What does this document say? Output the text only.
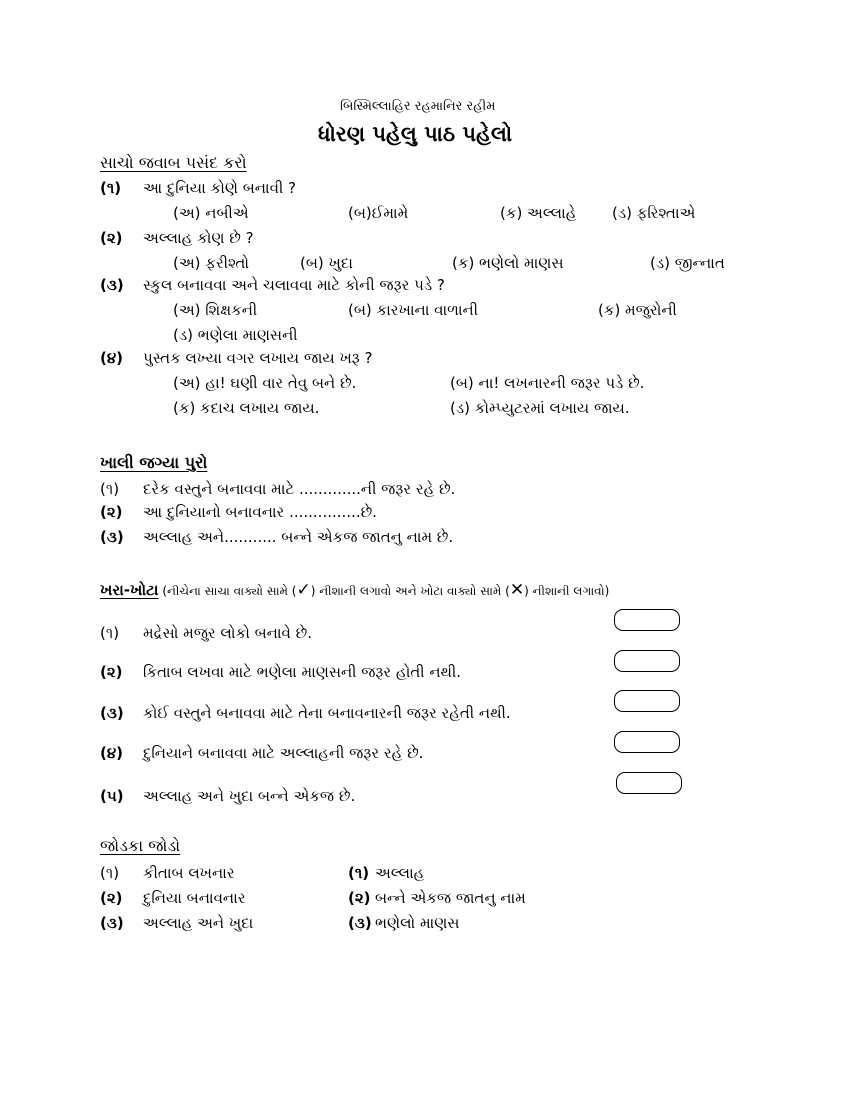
બિસ્મિલ્લાહિર રહમાનિર રહીમ
ધોરણ પહેલુ પાઠ પહેલો
સાચો જવાબ પસંદ કરો
(૧) આ દુનિયા કોણે બનાવી ?
(અ) નબીએ	(બ)ઈમામે	(ક) અલ્લાહે (ડ) ફરિશ્તાએ
(૨) અલ્લાહ કોણ છે ?
(અ) ફરીશ્તો	(બ) ખુદા	(ક) ભણેલો માણસ	(ડ) જીન્નાત
(૩) સ્કુલ બનાવવા અને ચલાવવા માટે કોની જરૂર પડે ?
(અ) શિક્ષકની	(બ) કારખાના વાળાની	(ક) મજુરોની
(ડ) ભણેલા માણસની
(૪) પુસ્તક લખ્યા વગર લખાય જાય ખરૂ ?
(અ) હા! ઘણી વાર તેવુ બને છે.	(બ) ના! લખનારની જરૂર પડે છે.
(ક) કદાચ લખાય જાય.	(ડ) કોમ્પ્યુટરમાં લખાય જાય.
ખાલી જગ્યા પુરો
(૧) દરેક વસ્તુને બનાવવા માટે .............ની જરૂર રહે છે.
(૨) આ દુનિયાનો બનાવનાર ...............છે.
(૩) અલ્લાહ અને........... બન્ને એકજ જાતનુ નામ છે.
ખરા-ખોટા (નીચેના સાચા વાક્યો સામે (✓) નીશાની લગાવો અને ખોટા વાક્યો સામે (✕) નીશાની લગાવો)
(૧) મદ્રેસો મજુર લોકો બનાવે છે.
(૨) કિતાબ લખવા માટે ભણેલા માણસની જરૂર હોતી નથી.
(૩) કોઈ વસ્તુને બનાવવા માટે તેના બનાવનારની જરૂર રહેતી નથી.
(૪) દુનિયાને બનાવવા માટે અલ્લાહની જરૂર રહે છે.
(૫) અલ્લાહ અને ખુદા બન્ને એકજ છે.
જોડકા જોડો
(૧) કીતાબ લખનાર	(૧) અલ્લાહ
(૨) દુનિયા બનાવનાર	(૨) બન્ને એકજ જાતનુ નામ
(૩) અલ્લાહ અને ખુદા	(૩) ભણેલો માણસ
